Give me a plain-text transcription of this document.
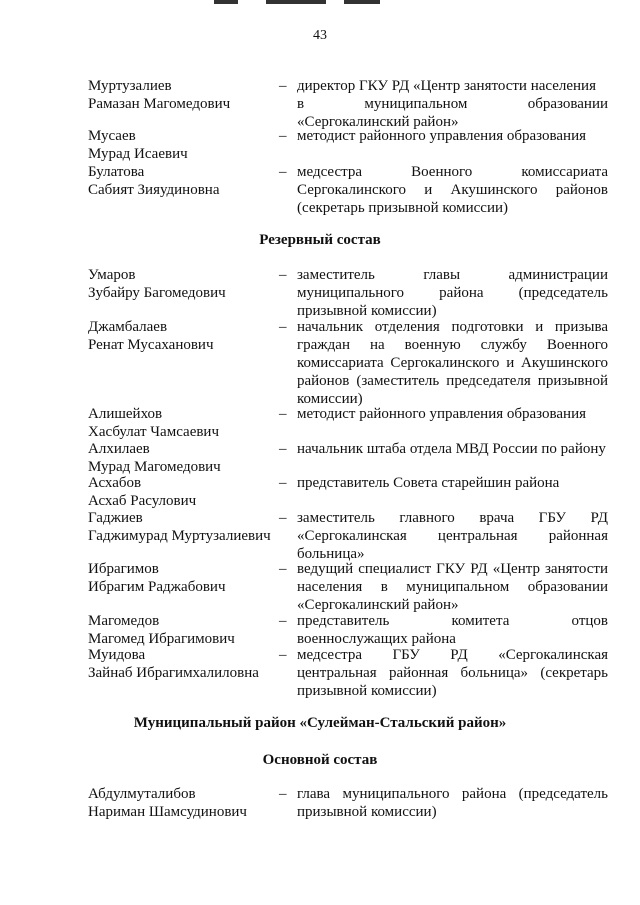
43
Муртузалиев
Рамазан Магомедович
– директор ГКУ РД «Центр занятости населения
в муниципальном образовании
«Сергокалинский район»
Мусаев
Мурад Исаевич
– методист районного управления образования
Булатова
Сабият Зияудиновна
– медсестра Военного комиссариата
Сергокалинского и Акушинского районов
(секретарь призывной комиссии)
Резервный состав
Умаров
Зубайру Багомедович
– заместитель главы администрации
муниципального района (председатель
призывной комиссии)
Джамбалаев
Ренат Мусаханович
– начальник отделения подготовки и призыва
граждан на военную службу Военного
комиссариата Сергокалинского и Акушинского
районов (заместитель председателя призывной
комиссии)
Алишейхов
Хасбулат Чамсаевич
– методист районного управления образования
Алхилаев
Мурад Магомедович
– начальник штаба отдела МВД России по району
Асхабов
Асхаб Расулович
– представитель Совета старейшин района
Гаджиев
Гаджимурад Муртузалиевич
– заместитель главного врача ГБУ РД
«Сергокалинская центральная районная
больница»
Ибрагимов
Ибрагим Раджабович
– ведущий специалист ГКУ РД «Центр занятости
населения в муниципальном образовании
«Сергокалинский район»
Магомедов
Магомед Ибрагимович
– представитель комитета отцов
военнослужащих района
Муидова
Зайнаб Ибрагимхалиловна
– медсестра ГБУ РД «Сергокалинская
центральная районная больница» (секретарь
призывной комиссии)
Муниципальный район «Сулейман-Стальский район»
Основной состав
Абдулмуталибов
Нариман Шамсудинович
– глава муниципального района (председатель
призывной комиссии)
